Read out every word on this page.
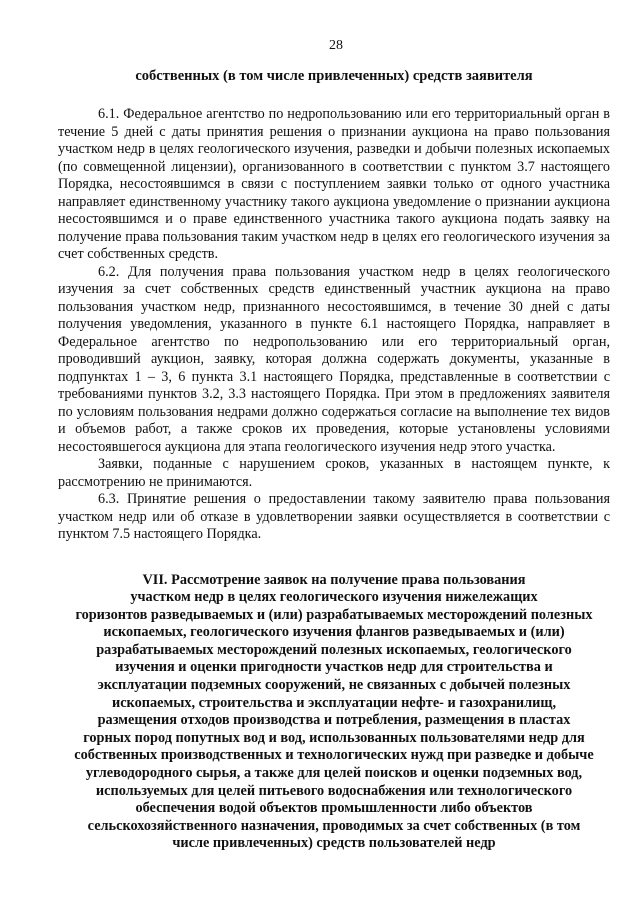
28
собственных (в том числе привлеченных) средств заявителя

6.1. Федеральное агентство по недропользованию или его территориальный орган в течение 5 дней с даты принятия решения о признании аукциона на право пользования участком недр в целях геологического изучения, разведки и добычи полезных ископаемых (по совмещенной лицензии), организованного в соответствии с пунктом 3.7 настоящего Порядка, несостоявшимся в связи с поступлением заявки только от одного участника направляет единственному участнику такого аукциона уведомление о признании аукциона несостоявшимся и о праве единственного участника такого аукциона подать заявку на получение права пользования таким участком недр в целях его геологического изучения за счет собственных средств.

6.2. Для получения права пользования участком недр в целях геологического изучения за счет собственных средств единственный участник аукциона на право пользования участком недр, признанного несостоявшимся, в течение 30 дней с даты получения уведомления, указанного в пункте 6.1 настоящего Порядка, направляет в Федеральное агентство по недропользованию или его территориальный орган, проводивший аукцион, заявку, которая должна содержать документы, указанные в подпунктах 1 – 3, 6 пункта 3.1 настоящего Порядка, представленные в соответствии с требованиями пунктов 3.2, 3.3 настоящего Порядка. При этом в предложениях заявителя по условиям пользования недрами должно содержаться согласие на выполнение тех видов и объемов работ, а также сроков их проведения, которые установлены условиями несостоявшегося аукциона для этапа геологического изучения недр этого участка.

Заявки, поданные с нарушением сроков, указанных в настоящем пункте, к рассмотрению не принимаются.

6.3. Принятие решения о предоставлении такому заявителю права пользования участком недр или об отказе в удовлетворении заявки осуществляется в соответствии с пунктом 7.5 настоящего Порядка.

VII. Рассмотрение заявок на получение права пользования
участком недр в целях геологического изучения нижележащих
горизонтов разведываемых и (или) разрабатываемых месторождений полезных
ископаемых, геологического изучения флангов разведываемых и (или)
разрабатываемых месторождений полезных ископаемых, геологического
изучения и оценки пригодности участков недр для строительства и
эксплуатации подземных сооружений, не связанных с добычей полезных
ископаемых, строительства и эксплуатации нефте- и газохранилищ,
размещения отходов производства и потребления, размещения в пластах
горных пород попутных вод и вод, использованных пользователями недр для
собственных производственных и технологических нужд при разведке и добыче
углеводородного сырья, а также для целей поисков и оценки подземных вод,
используемых для целей питьевого водоснабжения или технологического
обеспечения водой объектов промышленности либо объектов
сельскохозяйственного назначения, проводимых за счет собственных (в том
числе привлеченных) средств пользователей недр
